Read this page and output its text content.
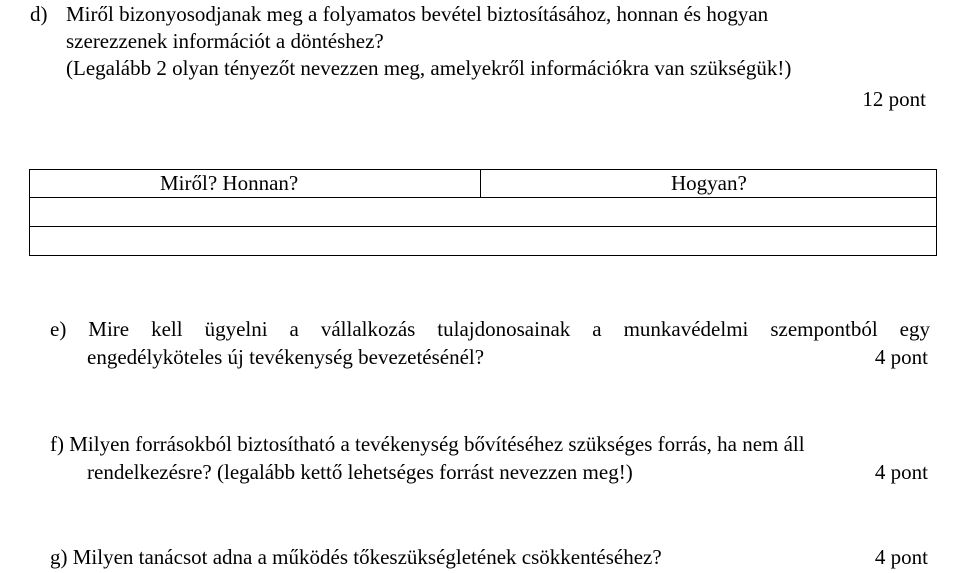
d) Miről bizonyosodjanak meg a folyamatos bevétel biztosításához, honnan és hogyan
szerezzenek információt a döntéshez?
(Legalább 2 olyan tényezőt nevezzen meg, amelyekről információkra van szükségük!)
12 pont
Miről? Honnan?	Hogyan?

e) Mire kell ügyelni a vállalkozás tulajdonosainak a munkavédelmi szempontból egy
engedélyköteles új tevékenység bevezetésénél?	4 pont
f) Milyen forrásokból biztosítható a tevékenység bővítéséhez szükséges forrás, ha nem áll
rendelkezésre? (legalább kettő lehetséges forrást nevezzen meg!)	4 pont
g) Milyen tanácsot adna a működés tőkeszükségletének csökkentéséhez?	4 pont
